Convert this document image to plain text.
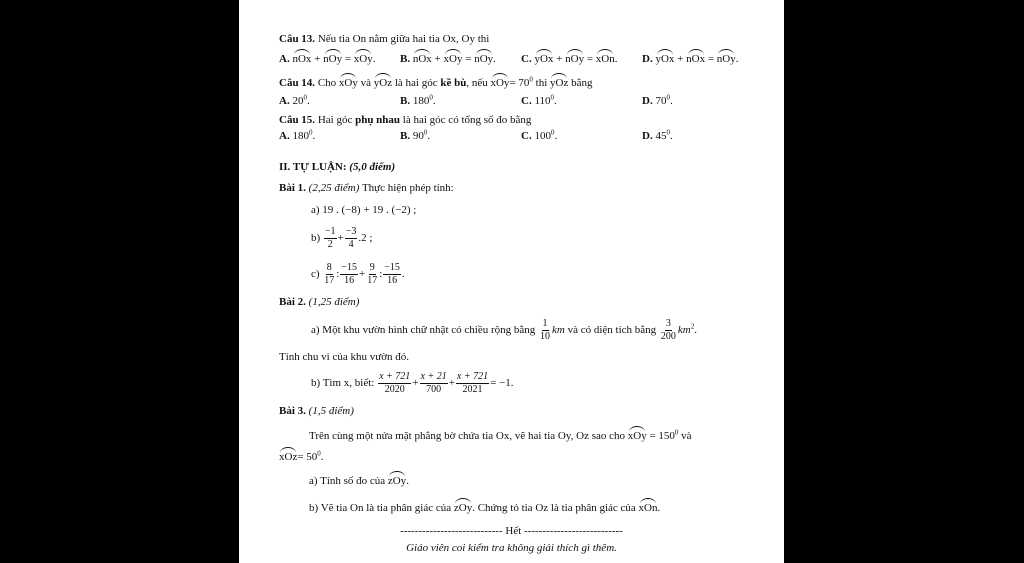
Câu 13. Nếu tia On nằm giữa hai tia Ox, Oy thì
A. nOx + nOy = xOy. B. nOx + xOy = nOy. C. yOx + nOy = xOn. D. yOx + nOx = nOy.
Câu 14. Cho xOy và yOz là hai góc kề bù, nếu $xOy= 70^0$ thì yOz bằng
A. $20^0$.	B. $180^0$.	C. $110^0$.	D. $70^0$.
Câu 15. Hai góc phụ nhau là hai góc có tổng số đo bằng
A. $180^0$.	B. $90^0$.	C. $100^0$.	D. $45^0$.
II. TỰ LUẬN: (5,0 điểm)
Bài 1. (2,25 điểm) Thực hiện phép tính:
a) 19 . (−8) + 19 . (−2) ;
$b) \frac{-1}{2} + \frac{-3}{4} .2$ ;
$c) \frac{8}{17}$ : $\frac{-15}{16} + \frac{9}{17}$ : $\frac{-15}{16}$ .
Bài 2. (1,25 điểm)
a) Một khu vườn hình chữ nhật có chiều rộng bằng $\frac{1}{10}$ km và có diện tích bằng $\frac{3}{200} km^2$.
Tính chu vi của khu vườn đó.
b) Tìm x, biết: $\frac{x + 721}{2020} + \frac{x + 21}{700} + \frac{x + 721}{2021} = -1$.
Bài 3. (1,5 điểm)
Trên cùng một nửa mặt phẳng bờ chứa tia Ox, vẽ hai tia Oy, Oz sao cho xOy = $150^0$ và
$xOz= 50^0$.
a) Tính số đo của zOy.
b) Vẽ tia On là tia phân giác của zOy. Chứng tỏ tia Oz là tia phân giác của xOn.
---------------------------- Hết ---------------------------
Giáo viên coi kiểm tra không giải thích gì thêm.
